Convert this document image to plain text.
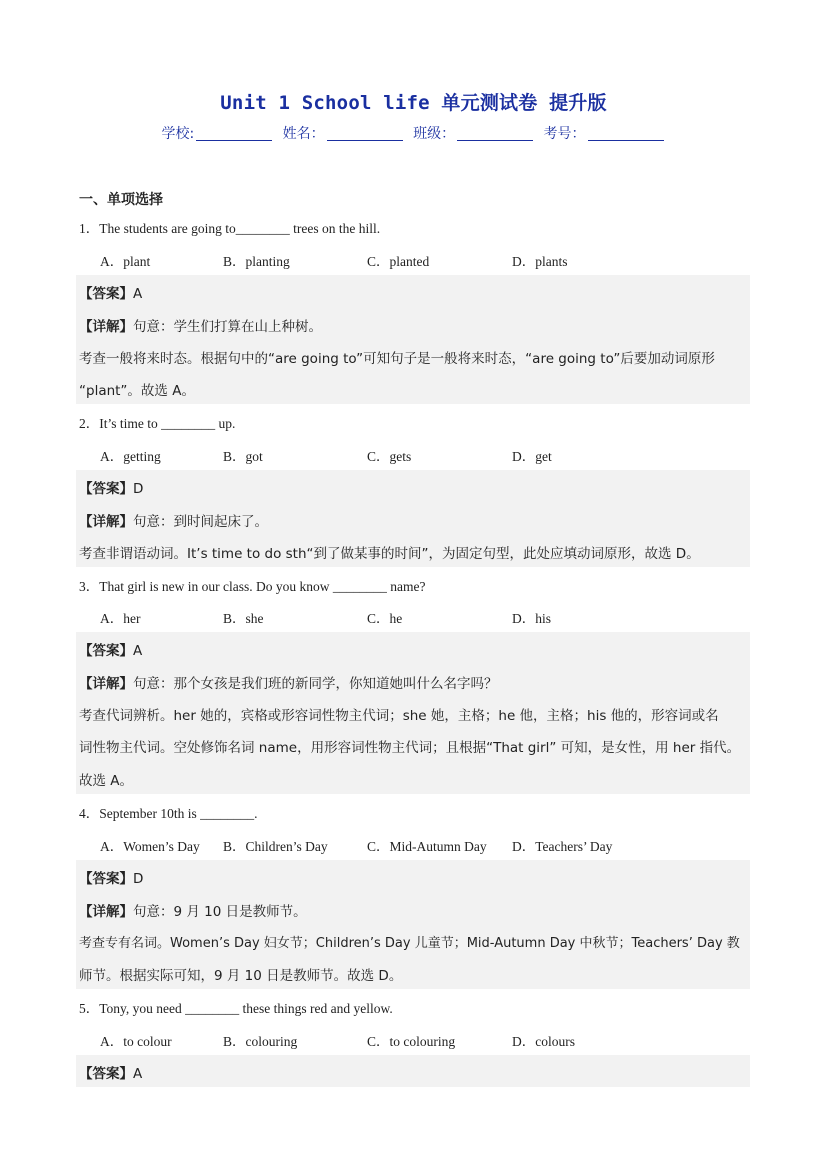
Unit 1 School life 单元测试卷 提升版
学校:	姓名：	班级：	考号：
一、单项选择
1．The students are going to________ trees on the hill.
A．plant	B．planting	C．planted	D．plants
【答案】A
【详解】句意：学生们打算在山上种树。
考查一般将来时态。根据句中的“are going to”可知句子是一般将来时态，“are going to”后要加动词原形
“plant”。故选 A。
2．It’s time to ________ up.
A．getting	B．got	C．gets	D．get
【答案】D
【详解】句意：到时间起床了。
考查非谓语动词。It’s time to do sth“到了做某事的时间”，为固定句型，此处应填动词原形，故选 D。
3．That girl is new in our class. Do you know ________ name?
A．her	B．she	C．he	D．his
【答案】A
【详解】句意：那个女孩是我们班的新同学，你知道她叫什么名字吗？
考查代词辨析。her 她的，宾格或形容词性物主代词；she 她，主格；he 他，主格；his 他的，形容词或名
词性物主代词。空处修饰名词 name，用形容词性物主代词；且根据“That girl” 可知，是女性，用 her 指代。
故选 A。
4．September 10th is ________.
A．Women’s Day B．Children’s Day	C．Mid-Autumn Day D．Teachers’ Day
【答案】D
【详解】句意：9 月 10 日是教师节。
考查专有名词。Women’s Day 妇女节；Children’s Day 儿童节；Mid-Autumn Day 中秋节；Teachers’ Day 教
师节。根据实际可知，9 月 10 日是教师节。故选 D。
5．Tony, you need ________ these things red and yellow.
A．to colour	B．colouring	C．to colouring	D．colours
【答案】A
